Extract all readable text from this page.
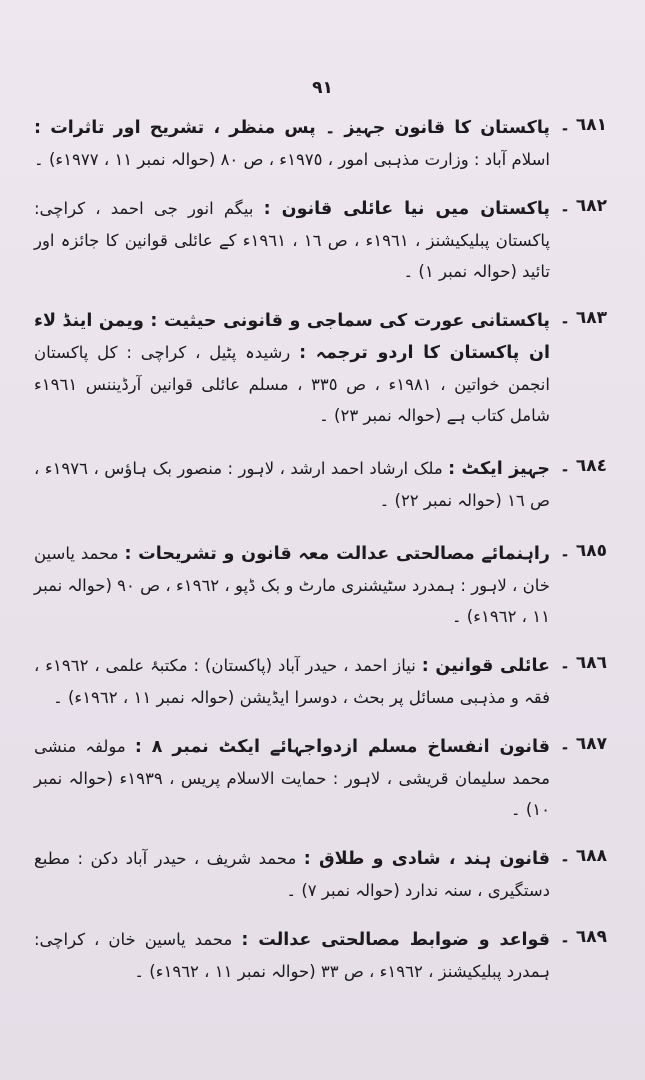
٩١
٦٨١ ۔
پاکستان کا قانون جہیز ۔ پس منظر ، تشریح اور تاثرات : اسلام آباد : وزارت مذہبی امور ، ١٩٧٥ء ، ص ٨٠ (حوالہ نمبر ١١ ، ١٩٧٧ء) ۔
٦٨٢ ۔
پاکستان میں نیا عائلی قانون : بیگم انور جی احمد ، کراچی: پاکستان پبلیکیشنز ، ١٩٦١ء ، ص ١٦ ، ١٩٦١ء کے عائلی قوانین کا جائزہ اور تائید (حوالہ نمبر ١) ۔
٦٨٣ ۔
پاکستانی عورت کی سماجی و قانونی حیثیت : ویمن اینڈ لاء ان پاکستان کا اردو ترجمہ : رشیدہ پٹیل ، کراچی : کل پاکستان انجمن خواتین ، ١٩٨١ء ، ص ٣٣٥ ، مسلم عائلی قوانین آرڈیننس ١٩٦١ء شامل کتاب ہے (حوالہ نمبر ٢٣) ۔
٦٨٤ ۔
جہیز ایکٹ : ملک ارشاد احمد ارشد ، لاہور : منصور بک ہاؤس ، ١٩٧٦ء ، ص ١٦ (حوالہ نمبر ٢٢) ۔
٦٨٥ ۔
راہنمائے مصالحتی عدالت معہ قانون و تشریحات : محمد یاسین خان ، لاہور : ہمدرد سٹیشنری مارٹ و بک ڈپو ، ١٩٦٢ء ، ص ٩٠ (حوالہ نمبر ١١ ، ١٩٦٢ء) ۔
٦٨٦ ۔
عائلی قوانین : نیاز احمد ، حیدر آباد (پاکستان) : مکتبۂ علمی ، ١٩٦٢ء ، فقہ و مذہبی مسائل پر بحث ، دوسرا ایڈیشن (حوالہ نمبر ١١ ، ١٩٦٢ء) ۔
٦٨٧ ۔
قانون انفساخ مسلم ازدواجہائے ایکٹ نمبر ٨ : مولفہ منشی محمد سلیمان قریشی ، لاہور : حمایت الاسلام پریس ، ١٩٣٩ء (حوالہ نمبر ١٠) ۔
٦٨٨ ۔
قانون ہند ، شادی و طلاق : محمد شریف ، حیدر آباد دکن : مطبع دستگیری ، سنہ ندارد (حوالہ نمبر ٧) ۔
٦٨٩ ۔
قواعد و ضوابط مصالحتی عدالت : محمد یاسین خان ، کراچی: ہمدرد پبلیکیشنز ، ١٩٦٢ء ، ص ٣٣ (حوالہ نمبر ١١ ، ١٩٦٢ء) ۔
